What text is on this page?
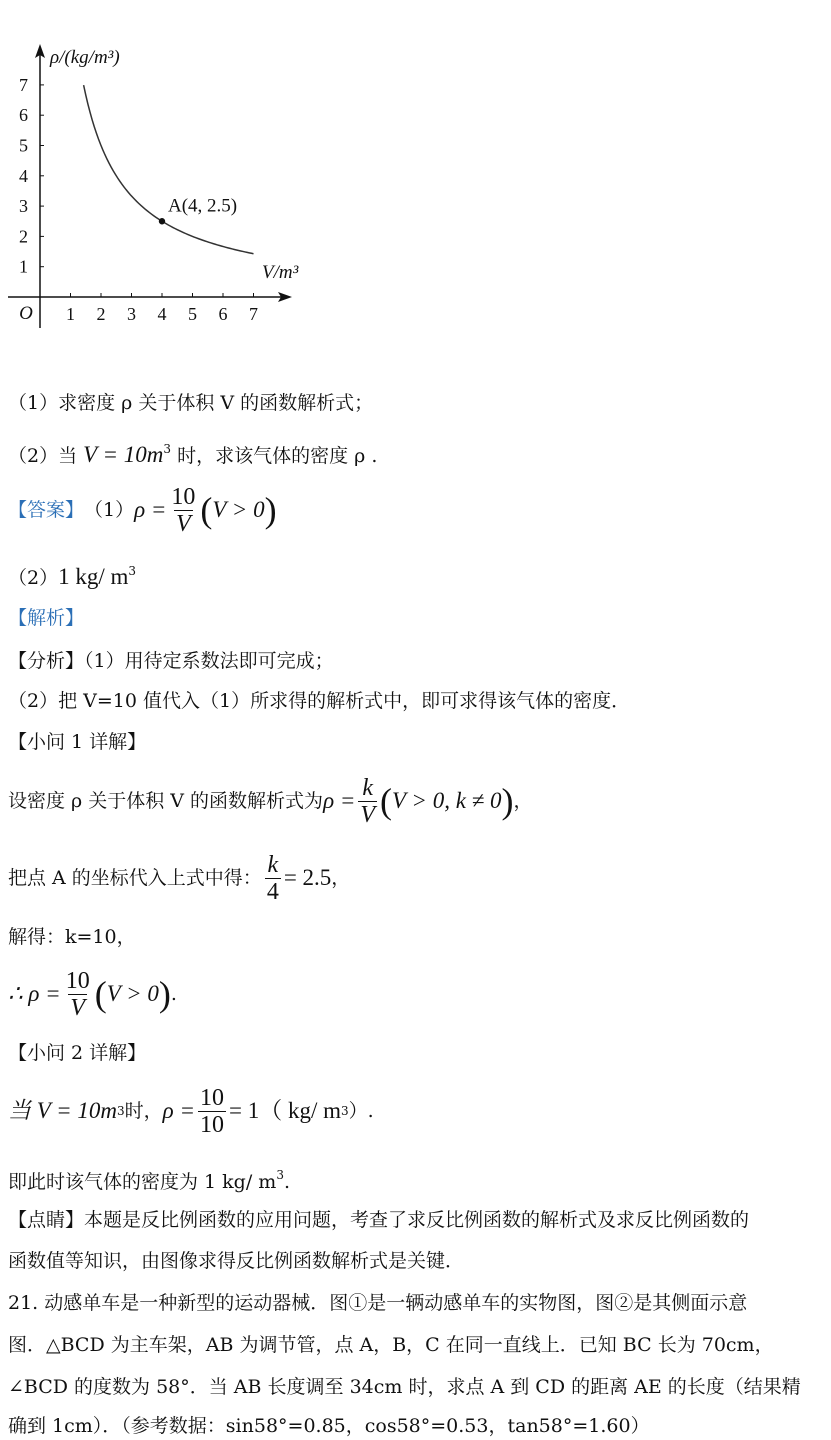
1 2 3 4 5 6 7
1
2
3
4
5
6
7
O
ρ/(kg/m³)
V/m³
A(4, 2.5)
（1）求密度 ρ 关于体积 V 的函数解析式；
（2）当 $V = 10m^3$ 时，求该气体的密度 ρ .
【答案】 （1） $\rho = \frac{10}{V}$ ( V > 0 )
（2）1 kg/ $m^3$
【解析】
【分析】（1）用待定系数法即可完成；
（2）把 V=10 值代入（1）所求得的解析式中，即可求得该气体的密度．
【小问 1 详解】
设密度 ρ 关于体积 V 的函数解析式为 $\rho = \frac{k}{V}$ ( V > 0, k ≠ 0 ) ，
把点 A 的坐标代入上式中得： $\frac{k}{4} = 2.5$ ，
解得：k=10，
∴ $\rho = \frac{10}{V}$ ( V > 0 ) .
【小问 2 详解】
当 V = 10m 3 时， $\rho = \frac{10}{10} = 1$（ kg/ m 3 ）.
即此时该气体的密度为 1 kg/ $m^3$.
【点睛】本题是反比例函数的应用问题，考查了求反比例函数的解析式及求反比例函数的
函数值等知识，由图像求得反比例函数解析式是关键．
21. 动感单车是一种新型的运动器械．图①是一辆动感单车的实物图，图②是其侧面示意
图．△BCD 为主车架，AB 为调节管，点 A，B，C 在同一直线上．已知 BC 长为 70cm，
∠BCD 的度数为 58°．当 AB 长度调至 34cm 时，求点 A 到 CD 的距离 AE 的长度（结果精
确到 1cm）．（参考数据：sin58°=0.85，cos58°=0.53，tan58°=1.60）
